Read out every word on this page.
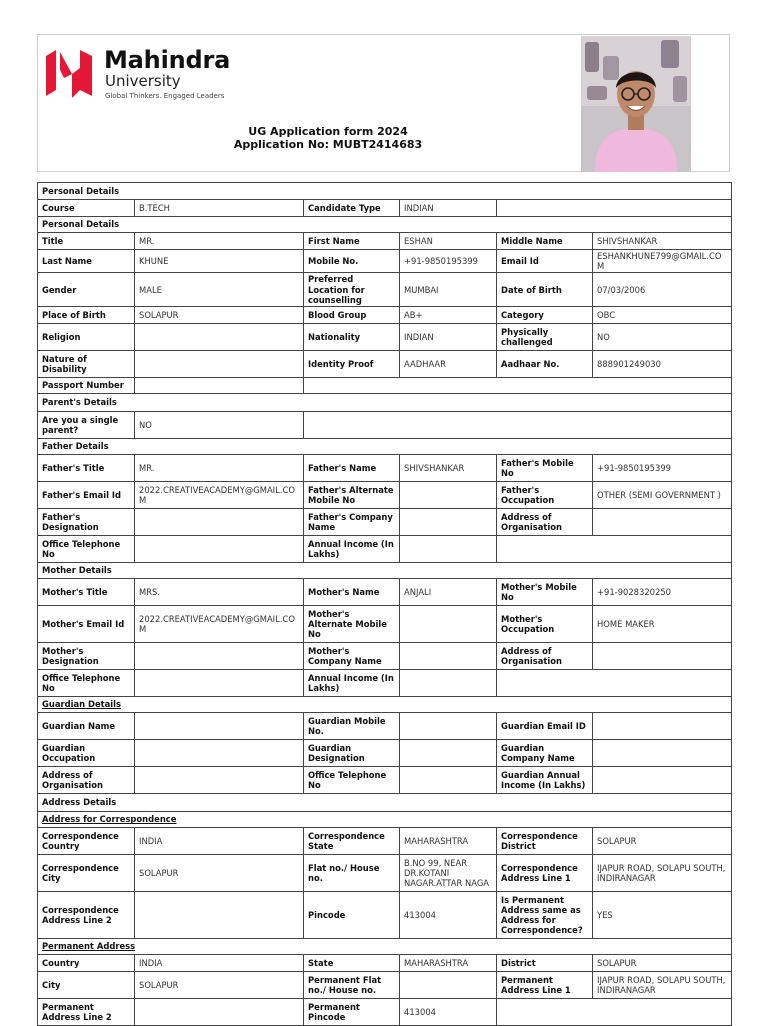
Mahindra
University
Global Thinkers. Engaged Leaders
UG Application form 2024
Application No: MUBT2414683
Personal Details					
Course	B.TECH	Candidate Type	INDIAN		
Personal Details					
Title	MR.	First Name	ESHAN	Middle Name	SHIVSHANKAR
Last Name	KHUNE	Mobile No.	+91-9850195399	Email Id	ESHANKHUNE799@GMAIL.COM
Gender	MALE	Preferred Location for counselling	MUMBAI	Date of Birth	07/03/2006
Place of Birth	SOLAPUR	Blood Group	AB+	Category	OBC
Religion		Nationality	INDIAN	Physically challenged	NO
Nature of Disability		Identity Proof	AADHAAR	Aadhaar No.	888901249030
Passport Number					
Parent's Details					
Are you a single parent?	NO				
Father Details					
Father's Title	MR.	Father's Name	SHIVSHANKAR	Father's Mobile No	+91-9850195399
Father's Email Id	2022.CREATIVEACADEMY@GMAIL.COM	Father's Alternate Mobile No		Father's Occupation	OTHER (SEMI GOVERNMENT )
Father's Designation		Father's Company Name		Address of Organisation	
Office Telephone No		Annual Income (In Lakhs)			
Mother Details					
Mother's Title	MRS.	Mother's Name	ANJALI	Mother's Mobile No	+91-9028320250
Mother's Email Id	2022.CREATIVEACADEMY@GMAIL.COM	Mother's Alternate Mobile No		Mother's Occupation	HOME MAKER
Mother's Designation		Mother's Company Name		Address of Organisation	
Office Telephone No		Annual Income (In Lakhs)			
Guardian Details					
Guardian Name		Guardian Mobile No.		Guardian Email ID	
Guardian Occupation		Guardian Designation		Guardian Company Name	
Address of Organisation		Office Telephone No		Guardian Annual Income (In Lakhs)	
Address Details					
Address for Correspondence					
Correspondence Country	INDIA	Correspondence State	MAHARASHTRA	Correspondence District	SOLAPUR
Correspondence City	SOLAPUR	Flat no./ House no.	B.NO 99, NEAR DR.KOTANI NAGAR.ATTAR NAGA	Correspondence Address Line 1	IJAPUR ROAD, SOLAPU SOUTH, INDIRANAGAR
Correspondence Address Line 2		Pincode	413004	Is Permanent Address same as Address for Correspondence?	YES
Permanent Address					
Country	INDIA	State	MAHARASHTRA	District	SOLAPUR
City	SOLAPUR	Permanent Flat no./ House no.		Permanent Address Line 1	IJAPUR ROAD, SOLAPU SOUTH, INDIRANAGAR
Permanent Address Line 2		Permanent Pincode	413004		
